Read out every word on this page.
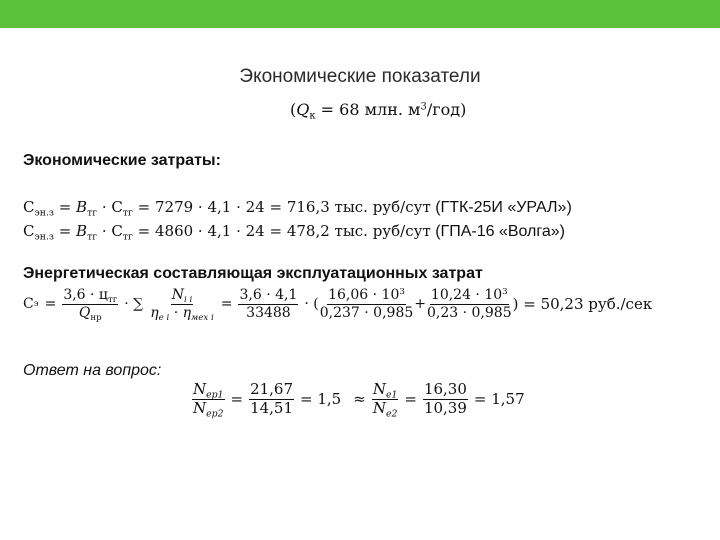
Экономические показатели
($Q_к = 68$ млн. $м^3/год$)
Экономические затраты:
$С_{эн.з} = В_{тг} \cdot С_{тг} = 7279 \cdot 4,1 \cdot 24 = 716,3$ тыс. руб/сут (ГТК-25И «УРАЛ»)
$С_{эн.з} = В_{тг} \cdot С_{тг} = 4860 \cdot 4,1 \cdot 24 = 478,2$ тыс. руб/сут (ГПА-16 «Волга»)
Энергетическая составляющая эксплуатационных затрат
С $э = \frac{3,6 \cdot ц_{тг}}{Q_{нр}}$ · ∑ $\frac{N_{i i}}{\eta_{e i} \cdot \eta_{мех i}} = \frac{3,6 \cdot 4,1}{33488}$ · ( $\frac{16,06 \cdot 10^3}{0,237 \cdot 0,985} + \frac{10,24 \cdot 10^3}{0,23 \cdot 0,985}$ ) = 50,23 руб./сек
Ответ на вопрос:
$\frac{N_{ер1}}{N_{ер2}} = \frac{21,67}{14,51} = 1,5 \approx \frac{N_{е1}}{N_{е2}} = \frac{16,30}{10,39} = 1,57$
